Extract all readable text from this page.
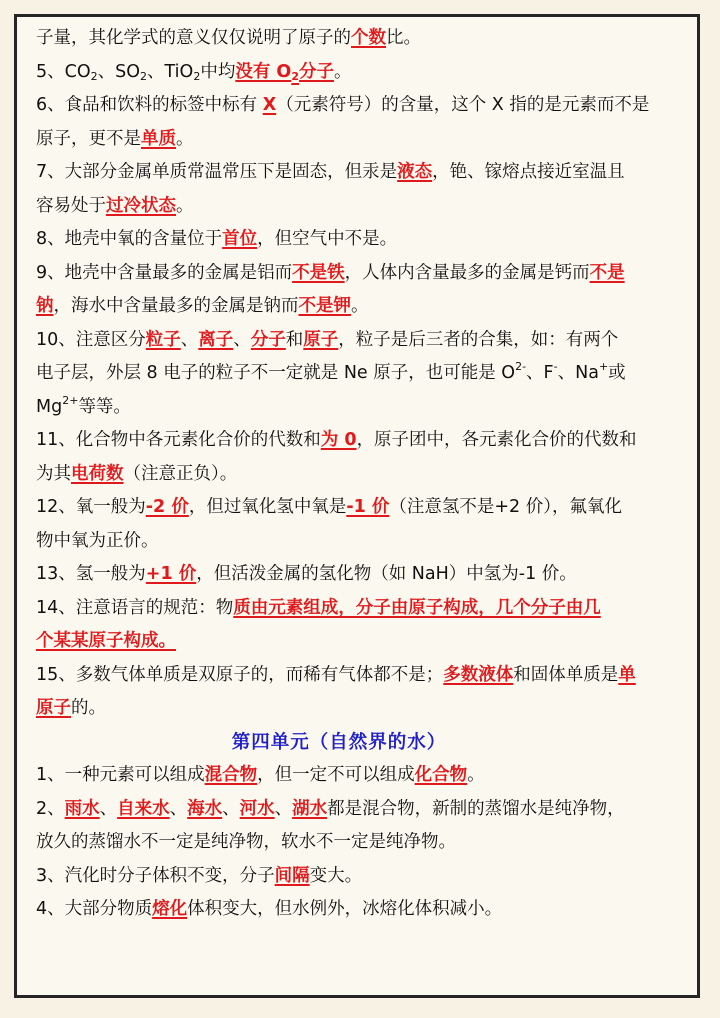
子量，其化学式的意义仅仅说明了原子的个数比。
5、$CO_2$、$SO_2$、TiO$_2$中均没有 $O_2$分子。
6、食品和饮料的标签中标有 X（元素符号）的含量，这个 X 指的是元素而不是
原子，更不是单质。
7、大部分金属单质常温常压下是固态，但汞是液态，铯、镓熔点接近室温且
容易处于过冷状态。
8、地壳中氧的含量位于首位，但空气中不是。
9、地壳中含量最多的金属是铝而不是铁，人体内含量最多的金属是钙而不是
钠，海水中含量最多的金属是钠而不是钾。
10、注意区分粒子、离子、分子和原子，粒子是后三者的合集，如：有两个
电子层，外层 8 电子的粒子不一定就是 Ne 原子，也可能是 $O^{2-}$、F-、Na+或
$Mg^{2+}$等等。
11、化合物中各元素化合价的代数和为 0，原子团中，各元素化合价的代数和
为其电荷数（注意正负）。
12、氧一般为-2 价，但过氧化氢中氧是-1 价（注意氢不是+2 价），氟氧化
物中氧为正价。
13、氢一般为+1 价，但活泼金属的氢化物（如 NaH）中氢为-1 价。
14、注意语言的规范：物质由元素组成，分子由原子构成，几个分子由几
个某某原子构成。
15、多数气体单质是双原子的，而稀有气体都不是；多数液体和固体单质是单
原子的。
第四单元（自然界的水）
1、一种元素可以组成混合物，但一定不可以组成化合物。
2、雨水、自来水、海水、河水、湖水都是混合物，新制的蒸馏水是纯净物，
放久的蒸馏水不一定是纯净物，软水不一定是纯净物。
3、汽化时分子体积不变，分子间隔变大。
4、大部分物质熔化体积变大，但水例外，冰熔化体积减小。
